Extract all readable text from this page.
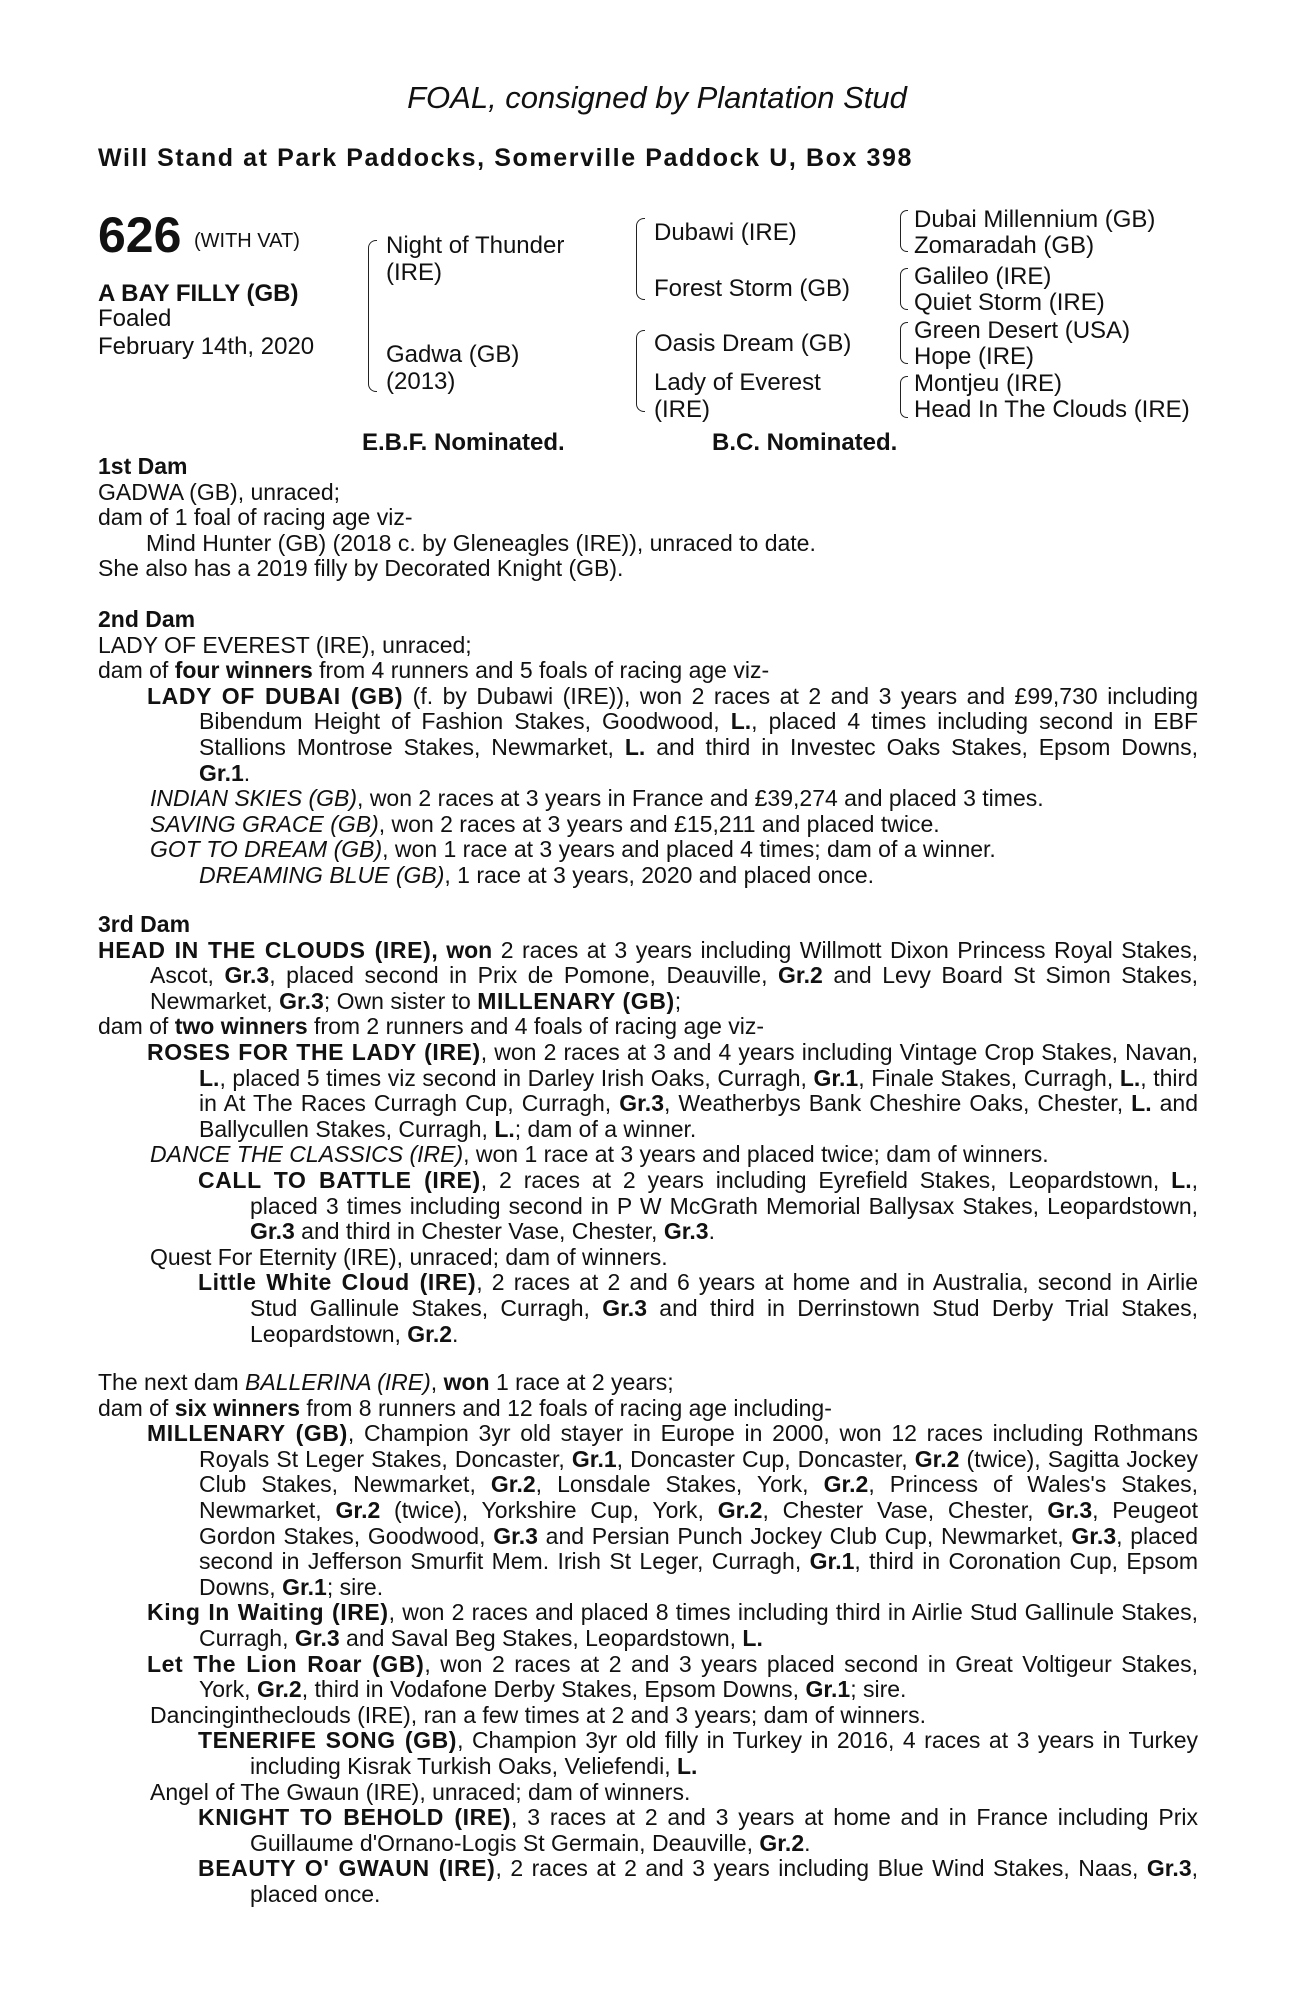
FOAL, consigned by Plantation Stud
Will Stand at Park Paddocks, Somerville Paddock U, Box 398
626 (WITH VAT)
A BAY FILLY (GB)
Foaled
February 14th, 2020
Night of Thunder
(IRE)
Gadwa (GB)
(2013)
Dubawi (IRE)
Forest Storm (GB)
Oasis Dream (GB)
Lady of Everest
(IRE)
Dubai Millennium (GB)
Zomaradah (GB)
Galileo (IRE)
Quiet Storm (IRE)
Green Desert (USA)
Hope (IRE)
Montjeu (IRE)
Head In The Clouds (IRE)
E.B.F. Nominated.	B.C. Nominated.

1st Dam

GADWA (GB), unraced;

dam of 1 foal of racing age viz-

Mind Hunter (GB) (2018 c. by Gleneagles (IRE)), unraced to date.

She also has a 2019 filly by Decorated Knight (GB).

2nd Dam

LADY OF EVEREST (IRE), unraced;

dam of four winners from 4 runners and 5 foals of racing age viz-

LADY OF DUBAI (GB) (f. by Dubawi (IRE)), won 2 races at 2 and 3 years and £99,730 including Bibendum Height of Fashion Stakes, Goodwood, L., placed 4 times including second in EBF Stallions Montrose Stakes, Newmarket, L. and third in Investec Oaks Stakes, Epsom Downs, Gr.1.

INDIAN SKIES (GB), won 2 races at 3 years in France and £39,274 and placed 3 times.

SAVING GRACE (GB), won 2 races at 3 years and £15,211 and placed twice.

GOT TO DREAM (GB), won 1 race at 3 years and placed 4 times; dam of a winner.

DREAMING BLUE (GB), 1 race at 3 years, 2020 and placed once.

3rd Dam

HEAD IN THE CLOUDS (IRE), won 2 races at 3 years including Willmott Dixon Princess Royal Stakes, Ascot, Gr.3, placed second in Prix de Pomone, Deauville, Gr.2 and Levy Board St Simon Stakes, Newmarket, Gr.3; Own sister to MILLENARY (GB);

dam of two winners from 2 runners and 4 foals of racing age viz-

ROSES FOR THE LADY (IRE), won 2 races at 3 and 4 years including Vintage Crop Stakes, Navan, L., placed 5 times viz second in Darley Irish Oaks, Curragh, Gr.1, Finale Stakes, Curragh, L., third in At The Races Curragh Cup, Curragh, Gr.3, Weatherbys Bank Cheshire Oaks, Chester, L. and Ballycullen Stakes, Curragh, L.; dam of a winner.

DANCE THE CLASSICS (IRE), won 1 race at 3 years and placed twice; dam of winners.

CALL TO BATTLE (IRE), 2 races at 2 years including Eyrefield Stakes, Leopardstown, L., placed 3 times including second in P W McGrath Memorial Ballysax Stakes, Leopardstown, Gr.3 and third in Chester Vase, Chester, Gr.3.

Quest For Eternity (IRE), unraced; dam of winners.

Little White Cloud (IRE), 2 races at 2 and 6 years at home and in Australia, second in Airlie Stud Gallinule Stakes, Curragh, Gr.3 and third in Derrinstown Stud Derby Trial Stakes, Leopardstown, Gr.2.

The next dam BALLERINA (IRE), won 1 race at 2 years;

dam of six winners from 8 runners and 12 foals of racing age including-

MILLENARY (GB), Champion 3yr old stayer in Europe in 2000, won 12 races including Rothmans Royals St Leger Stakes, Doncaster, Gr.1, Doncaster Cup, Doncaster, Gr.2 (twice), Sagitta Jockey Club Stakes, Newmarket, Gr.2, Lonsdale Stakes, York, Gr.2, Princess of Wales's Stakes, Newmarket, Gr.2 (twice), Yorkshire Cup, York, Gr.2, Chester Vase, Chester, Gr.3, Peugeot Gordon Stakes, Goodwood, Gr.3 and Persian Punch Jockey Club Cup, Newmarket, Gr.3, placed second in Jefferson Smurfit Mem. Irish St Leger, Curragh, Gr.1, third in Coronation Cup, Epsom Downs, Gr.1; sire.

King In Waiting (IRE), won 2 races and placed 8 times including third in Airlie Stud Gallinule Stakes, Curragh, Gr.3 and Saval Beg Stakes, Leopardstown, L.

Let The Lion Roar (GB), won 2 races at 2 and 3 years placed second in Great Voltigeur Stakes, York, Gr.2, third in Vodafone Derby Stakes, Epsom Downs, Gr.1; sire.

Dancingintheclouds (IRE), ran a few times at 2 and 3 years; dam of winners.

TENERIFE SONG (GB), Champion 3yr old filly in Turkey in 2016, 4 races at 3 years in Turkey including Kisrak Turkish Oaks, Veliefendi, L.

Angel of The Gwaun (IRE), unraced; dam of winners.

KNIGHT TO BEHOLD (IRE), 3 races at 2 and 3 years at home and in France including Prix Guillaume d'Ornano-Logis St Germain, Deauville, Gr.2.

BEAUTY O' GWAUN (IRE), 2 races at 2 and 3 years including Blue Wind Stakes, Naas, Gr.3, placed once.
